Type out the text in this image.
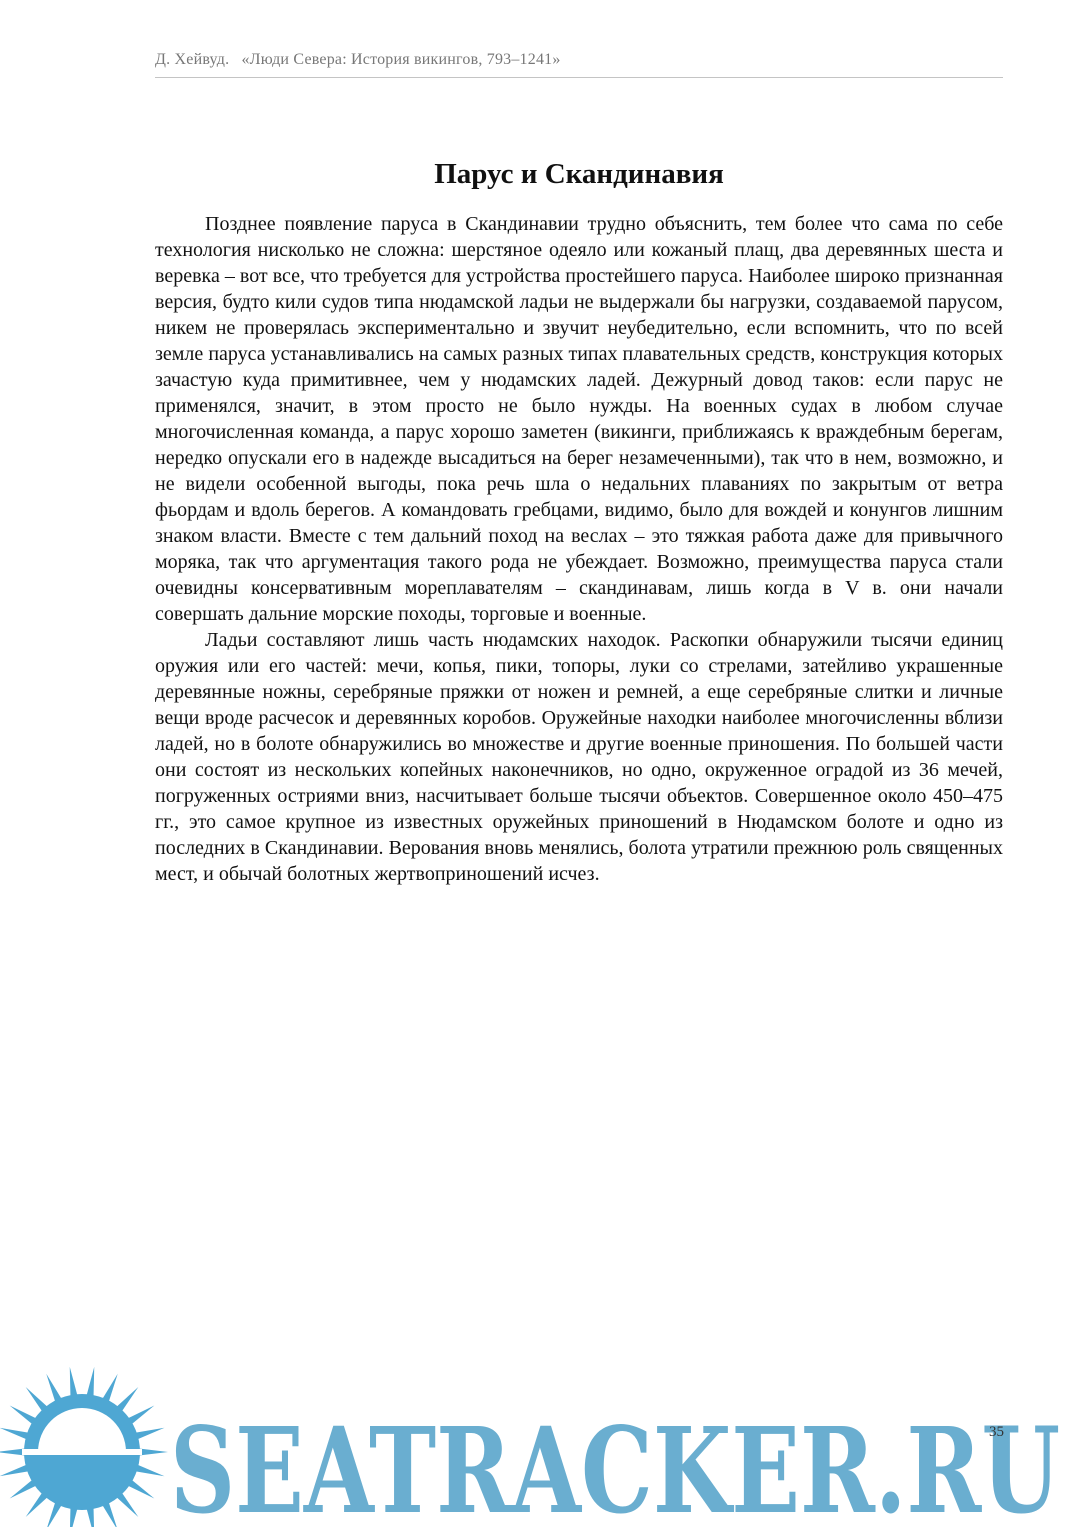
Д. Хейвуд. «Люди Севера: История викингов, 793–1241»
Парус и Скандинавия

Позднее появление паруса в Скандинавии трудно объяснить, тем более что сама по себе технология нисколько не сложна: шерстяное одеяло или кожаный плащ, два деревянных шеста и веревка – вот все, что требуется для устройства простейшего паруса. Наиболее широко признанная версия, будто кили судов типа нюдамской ладьи не выдержали бы нагрузки, создаваемой парусом, никем не проверялась экспериментально и звучит неубедительно, если вспомнить, что по всей земле паруса устанавливались на самых разных типах плавательных средств, конструкция которых зачастую куда примитивнее, чем у нюдамских ладей. Дежурный довод таков: если парус не применялся, значит, в этом просто не было нужды. На военных судах в любом случае многочисленная команда, а парус хорошо заметен (викинги, приближаясь к враждебным берегам, нередко опускали его в надежде высадиться на берег незамеченными), так что в нем, возможно, и не видели особенной выгоды, пока речь шла о недальних плаваниях по закрытым от ветра фьордам и вдоль берегов. А командовать гребцами, видимо, было для вождей и конунгов лишним знаком власти. Вместе с тем дальний поход на веслах – это тяжкая работа даже для привычного моряка, так что аргументация такого рода не убеждает. Возможно, преимущества паруса стали очевидны консервативным мореплавателям – скандинавам, лишь когда в V в. они начали совершать дальние морские походы, торговые и военные.

Ладьи составляют лишь часть нюдамских находок. Раскопки обнаружили тысячи единиц оружия или его частей: мечи, копья, пики, топоры, луки со стрелами, затейливо украшенные деревянные ножны, серебряные пряжки от ножен и ремней, а еще серебряные слитки и личные вещи вроде расчесок и деревянных коробов. Оружейные находки наиболее многочисленны вблизи ладей, но в болоте обнаружились во множестве и другие военные приношения. По большей части они состоят из нескольких копейных наконечников, но одно, окруженное оградой из 36 мечей, погруженных остриями вниз, насчитывает больше тысячи объектов. Совершенное около 450–475 гг., это самое крупное из известных оружейных приношений в Нюдамском болоте и одно из последних в Скандинавии. Верования вновь менялись, болота утратили прежнюю роль священных мест, и обычай болотных жертвоприношений исчез.

SEATRACKER.RU
35
